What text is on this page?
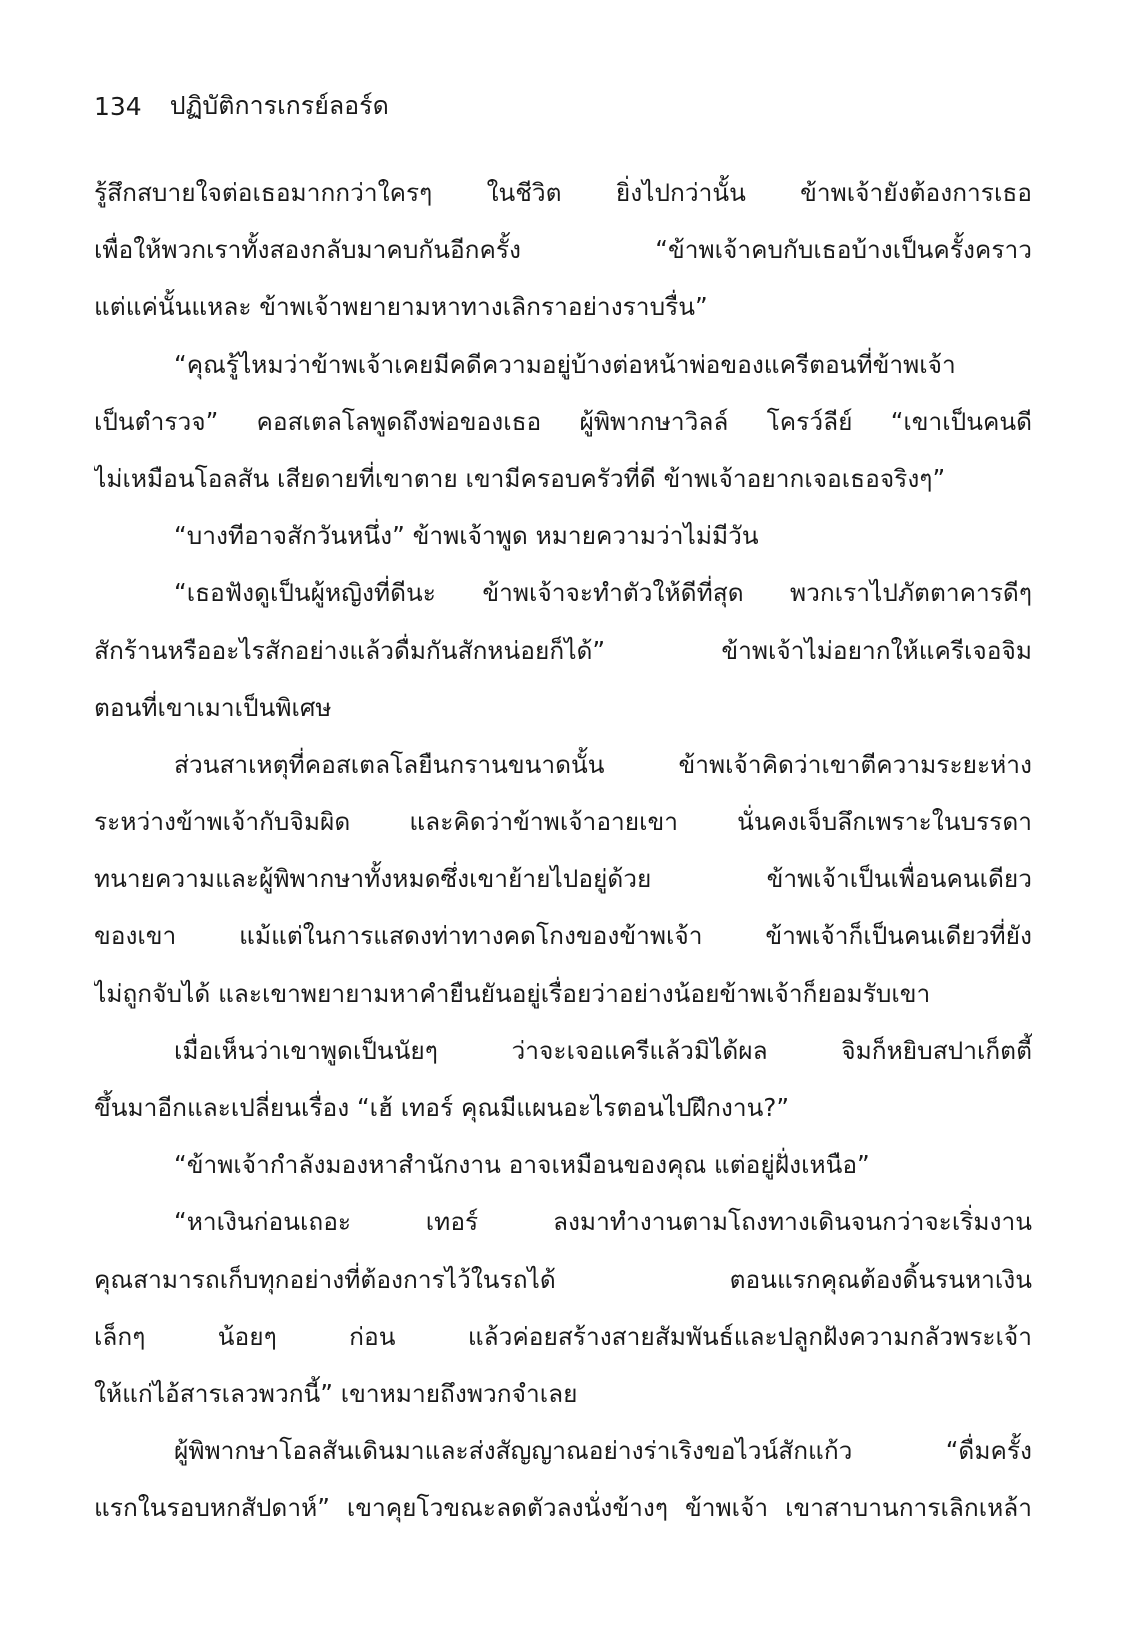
134 ปฏิบัติการเกรย์ลอร์ด
รู้สึกสบายใจต่อเธอมากกว่าใครๆ ในชีวิต ยิ่งไปกว่านั้น ข้าพเจ้ายังต้องการเธอ
เพื่อให้พวกเราทั้งสองกลับมาคบกันอีกครั้ง “ข้าพเจ้าคบกับเธอบ้างเป็นครั้งคราว
แต่แค่นั้นแหละ ข้าพเจ้าพยายามหาทางเลิกราอย่างราบรื่น”
“คุณรู้ไหมว่าข้าพเจ้าเคยมีคดีความอยู่บ้างต่อหน้าพ่อของแครีตอนที่ข้าพเจ้า
เป็นตำรวจ” คอสเตลโลพูดถึงพ่อของเธอ ผู้พิพากษาวิลล์ โครว์ลีย์ “เขาเป็นคนดี
ไม่เหมือนโอลสัน เสียดายที่เขาตาย เขามีครอบครัวที่ดี ข้าพเจ้าอยากเจอเธอจริงๆ”
“บางทีอาจสักวันหนึ่ง” ข้าพเจ้าพูด หมายความว่าไม่มีวัน
“เธอฟังดูเป็นผู้หญิงที่ดีนะ ข้าพเจ้าจะทำตัวให้ดีที่สุด พวกเราไปภัตตาคารดีๆ
สักร้านหรืออะไรสักอย่างแล้วดื่มกันสักหน่อยก็ได้” ข้าพเจ้าไม่อยากให้แครีเจอจิม
ตอนที่เขาเมาเป็นพิเศษ
ส่วนสาเหตุที่คอสเตลโลยืนกรานขนาดนั้น ข้าพเจ้าคิดว่าเขาตีความระยะห่าง
ระหว่างข้าพเจ้ากับจิมผิด และคิดว่าข้าพเจ้าอายเขา นั่นคงเจ็บลึกเพราะในบรรดา
ทนายความและผู้พิพากษาทั้งหมดซึ่งเขาย้ายไปอยู่ด้วย ข้าพเจ้าเป็นเพื่อนคนเดียว
ของเขา แม้แต่ในการแสดงท่าทางคดโกงของข้าพเจ้า ข้าพเจ้าก็เป็นคนเดียวที่ยัง
ไม่ถูกจับได้ และเขาพยายามหาคำยืนยันอยู่เรื่อยว่าอย่างน้อยข้าพเจ้าก็ยอมรับเขา
เมื่อเห็นว่าเขาพูดเป็นนัยๆ ว่าจะเจอแครีแล้วมิได้ผล จิมก็หยิบสปาเก็ตตี้
ขึ้นมาอีกและเปลี่ยนเรื่อง “เฮ้ เทอร์ คุณมีแผนอะไรตอนไปฝึกงาน?”
“ข้าพเจ้ากำลังมองหาสำนักงาน อาจเหมือนของคุณ แต่อยู่ฝั่งเหนือ”
“หาเงินก่อนเถอะ เทอร์ ลงมาทำงานตามโถงทางเดินจนกว่าจะเริ่มงาน
คุณสามารถเก็บทุกอย่างที่ต้องการไว้ในรถได้ ตอนแรกคุณต้องดิ้นรนหาเงิน
เล็กๆ น้อยๆ ก่อน แล้วค่อยสร้างสายสัมพันธ์และปลูกฝังความกลัวพระเจ้า
ให้แก่ไอ้สารเลวพวกนี้” เขาหมายถึงพวกจำเลย
ผู้พิพากษาโอลสันเดินมาและส่งสัญญาณอย่างร่าเริงขอไวน์สักแก้ว “ดื่มครั้ง
แรกในรอบหกสัปดาห์” เขาคุยโวขณะลดตัวลงนั่งข้างๆ ข้าพเจ้า เขาสาบานการเลิกเหล้า
